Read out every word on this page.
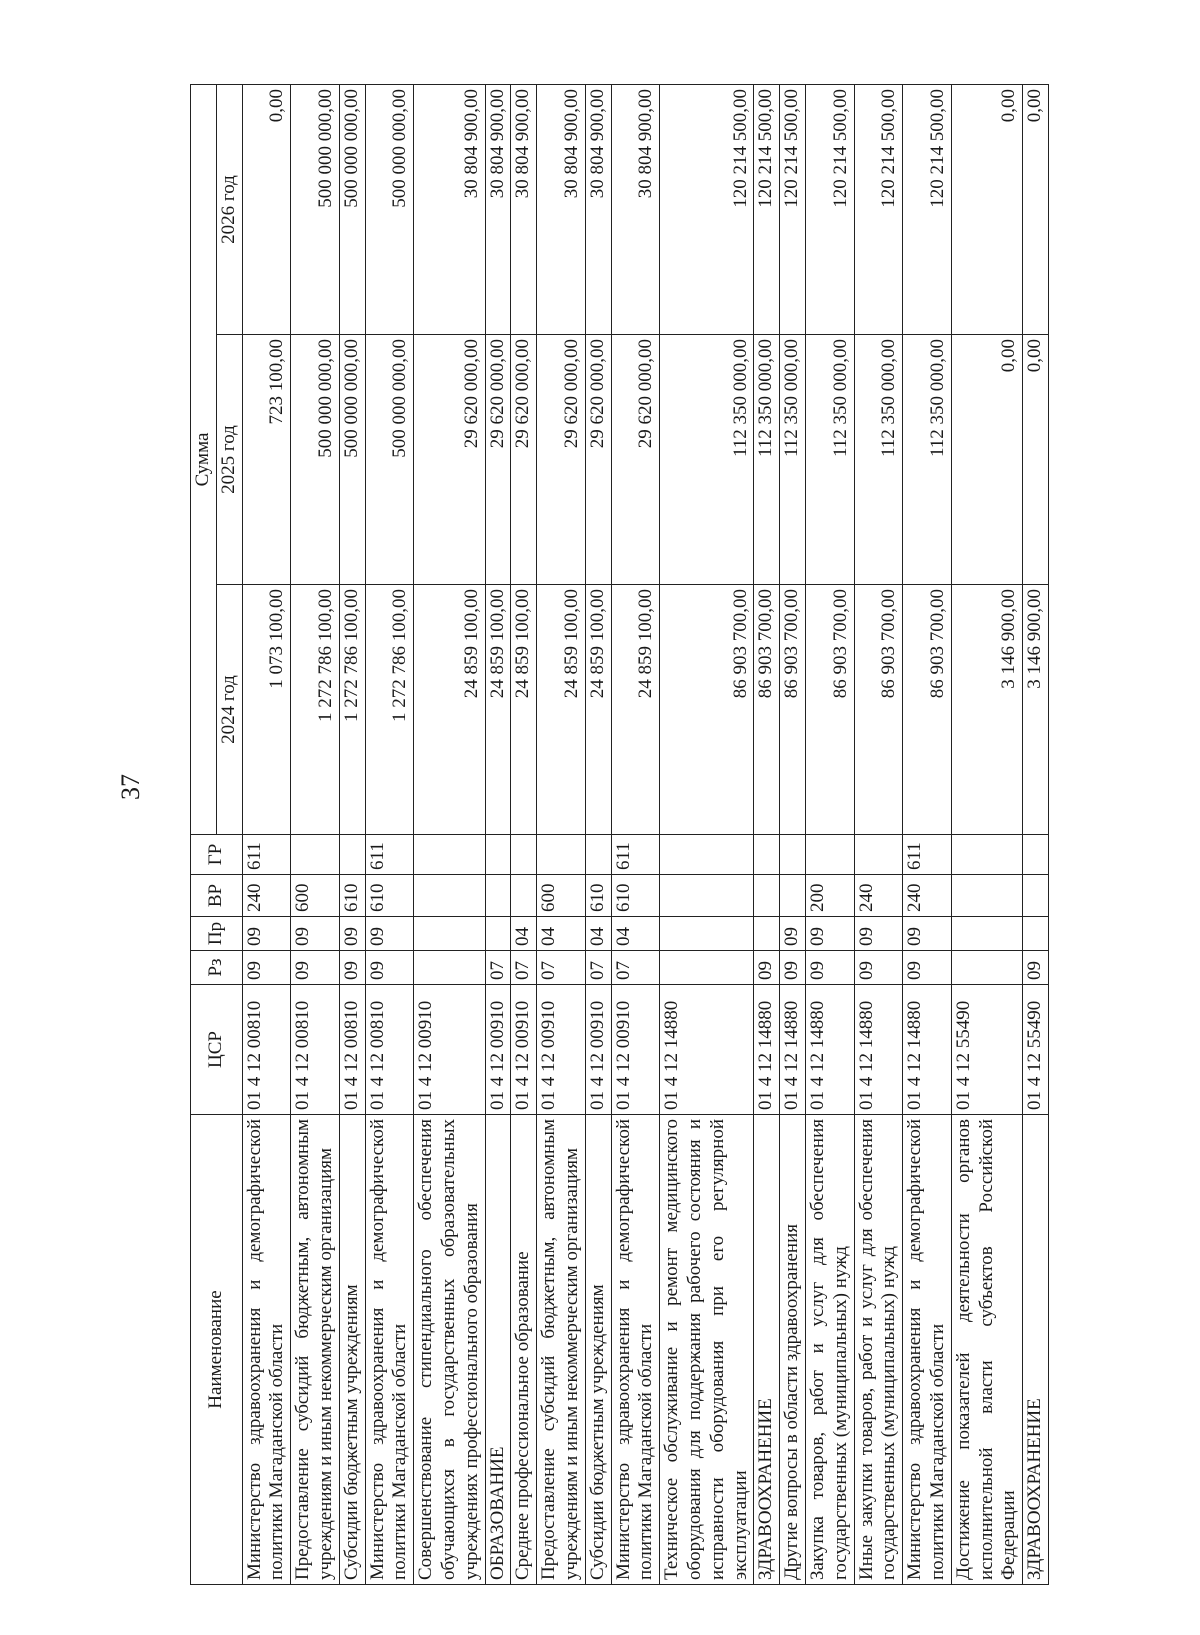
37
Наименование	ЦСР	Рз	Пр	ВР	ГР	Сумма		
						2024 год	2025 год	2026 год
Министерство здравоохранения и демографической политики Магаданской области	01 4 12 00810	09	09	240	611	1 073 100,00	723 100,00	0,00
Предоставление субсидий бюджетным, автономным учреждениям и иным некоммерческим организациям	01 4 12 00810	09	09	600		1 272 786 100,00	500 000 000,00	500 000 000,00
Субсидии бюджетным учреждениям	01 4 12 00810	09	09	610		1 272 786 100,00	500 000 000,00	500 000 000,00
Министерство здравоохранения и демографической политики Магаданской области	01 4 12 00810	09	09	610	611	1 272 786 100,00	500 000 000,00	500 000 000,00
Совершенствование стипендиального обеспечения обучающихся в государственных образовательных учреждениях профессионального образования	01 4 12 00910					24 859 100,00	29 620 000,00	30 804 900,00
ОБРАЗОВАНИЕ	01 4 12 00910	07				24 859 100,00	29 620 000,00	30 804 900,00
Среднее профессиональное образование	01 4 12 00910	07	04			24 859 100,00	29 620 000,00	30 804 900,00
Предоставление субсидий бюджетным, автономным учреждениям и иным некоммерческим организациям	01 4 12 00910	07	04	600		24 859 100,00	29 620 000,00	30 804 900,00
Субсидии бюджетным учреждениям	01 4 12 00910	07	04	610		24 859 100,00	29 620 000,00	30 804 900,00
Министерство здравоохранения и демографической политики Магаданской области	01 4 12 00910	07	04	610	611	24 859 100,00	29 620 000,00	30 804 900,00
Техническое обслуживание и ремонт медицинского оборудования для поддержания рабочего состояния и исправности оборудования при его регулярной эксплуатации	01 4 12 14880					86 903 700,00	112 350 000,00	120 214 500,00
ЗДРАВООХРАНЕНИЕ	01 4 12 14880	09				86 903 700,00	112 350 000,00	120 214 500,00
Другие вопросы в области здравоохранения	01 4 12 14880	09	09			86 903 700,00	112 350 000,00	120 214 500,00
Закупка товаров, работ и услуг для обеспечения государственных (муниципальных) нужд	01 4 12 14880	09	09	200		86 903 700,00	112 350 000,00	120 214 500,00
Иные закупки товаров, работ и услуг для обеспечения государственных (муниципальных) нужд	01 4 12 14880	09	09	240		86 903 700,00	112 350 000,00	120 214 500,00
Министерство здравоохранения и демографической политики Магаданской области	01 4 12 14880	09	09	240	611	86 903 700,00	112 350 000,00	120 214 500,00
Достижение показателей деятельности органов исполнительной власти субъектов Российской Федерации	01 4 12 55490					3 146 900,00	0,00	0,00
ЗДРАВООХРАНЕНИЕ	01 4 12 55490	09				3 146 900,00	0,00	0,00
